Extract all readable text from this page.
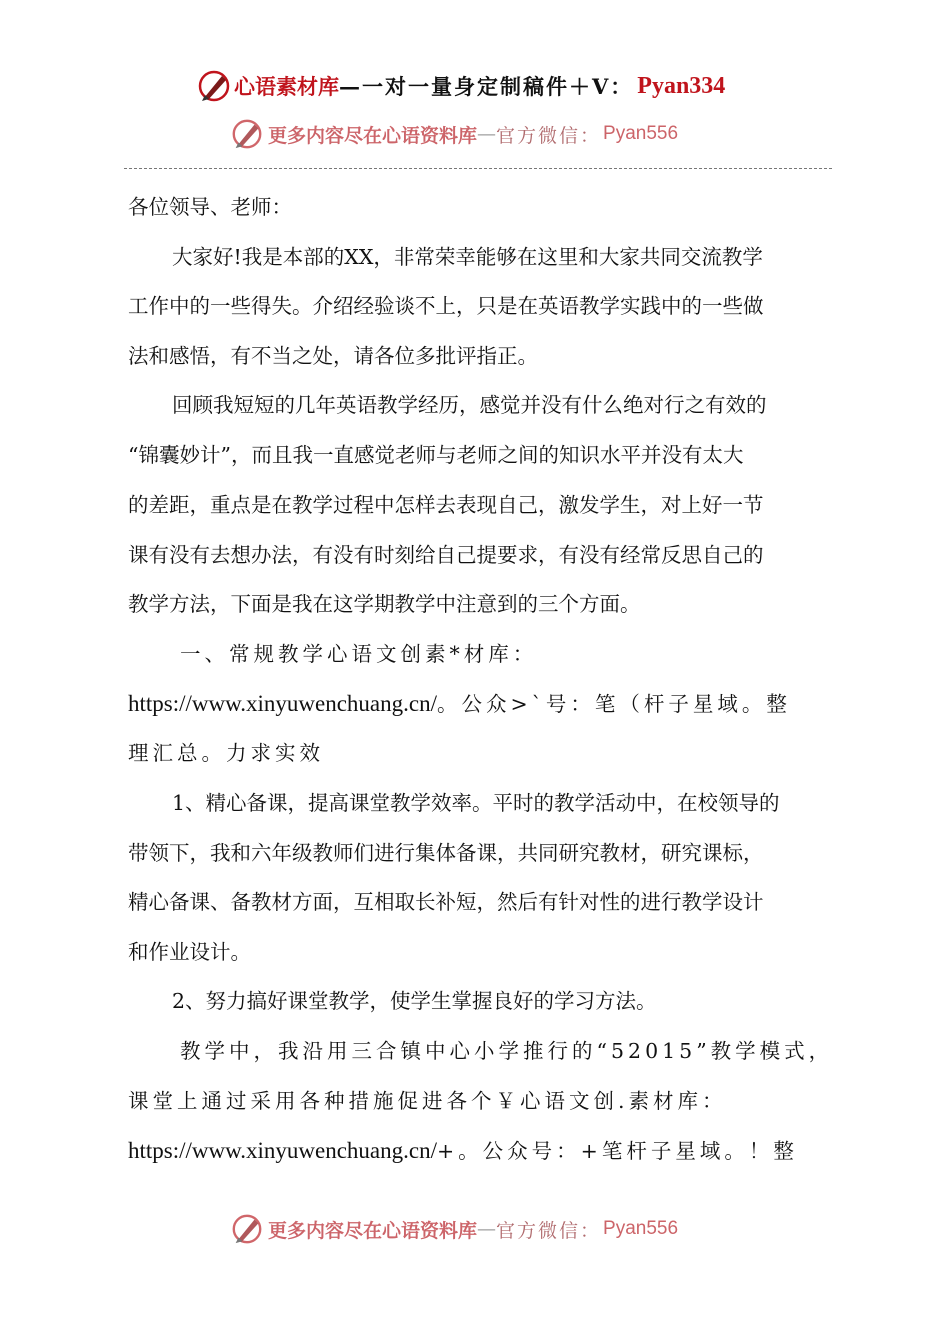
心语素材库 —一对一量身定制稿件＋V： Pyan334
更多内容尽在心语资料库 — 官方微信： Pyan556
各位领导、老师：
大家好!我是本部的XX，非常荣幸能够在这里和大家共同交流教学
工作中的一些得失。介绍经验谈不上，只是在英语教学实践中的一些做
法和感悟，有不当之处，请各位多批评指正。
回顾我短短的几年英语教学经历，感觉并没有什么绝对行之有效的
“锦囊妙计”，而且我一直感觉老师与老师之间的知识水平并没有太大
的差距，重点是在教学过程中怎样去表现自己，激发学生，对上好一节
课有没有去想办法，有没有时刻给自己提要求，有没有经常反思自己的
教学方法，下面是我在这学期教学中注意到的三个方面。
一、常规教学心语文创素*材库：
https://www.xinyuwenchuang.cn/。公众>`号：笔（杆子星域。整
理汇总。力求实效
1、精心备课，提高课堂教学效率。平时的教学活动中，在校领导的
带领下，我和六年级教师们进行集体备课，共同研究教材，研究课标，
精心备课、备教材方面，互相取长补短，然后有针对性的进行教学设计
和作业设计。
2、努力搞好课堂教学，使学生掌握良好的学习方法。
教学中，我沿用三合镇中心小学推行的“52015”教学模式，
课堂上通过采用各种措施促进各个￥心语文创.素材库：
https://www.xinyuwenchuang.cn/+。公众号：+笔杆子星域。！整
更多内容尽在心语资料库 — 官方微信： Pyan556
